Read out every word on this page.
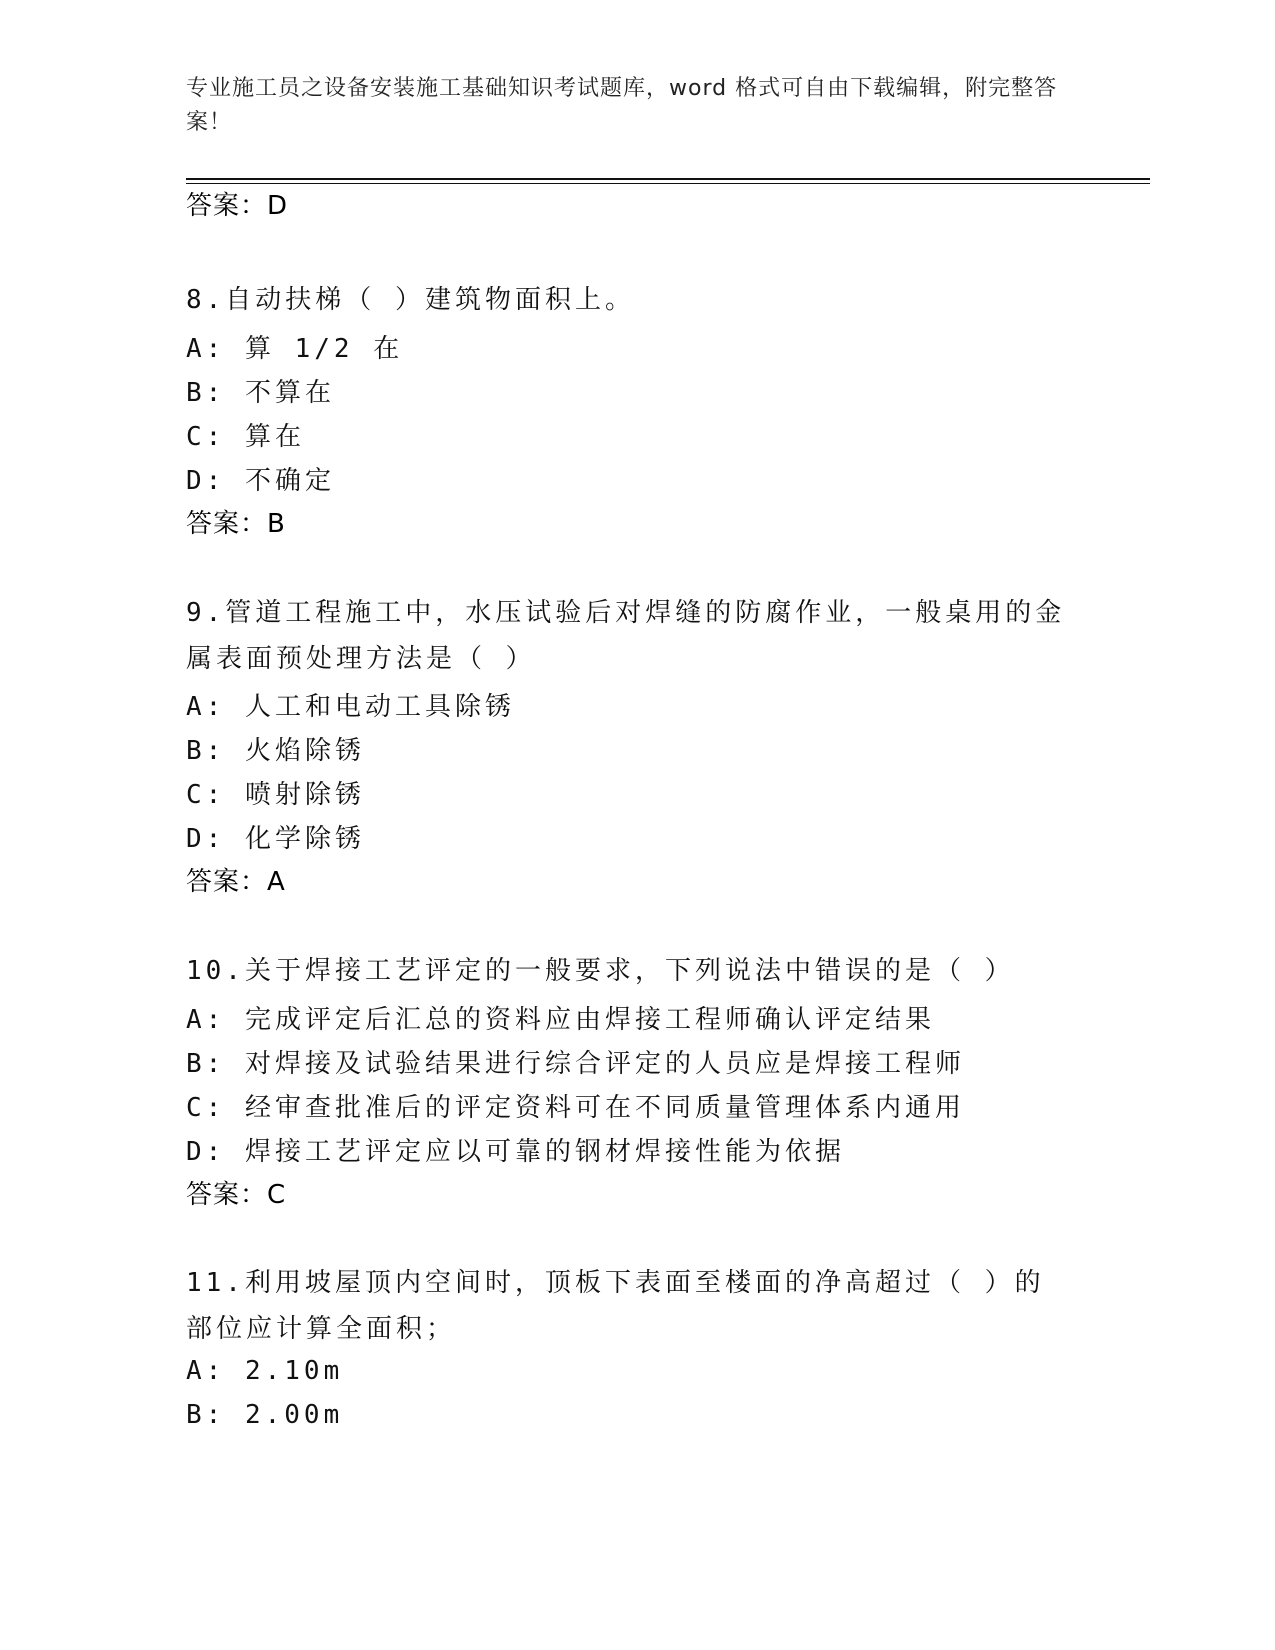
专业施工员之设备安装施工基础知识考试题库，word 格式可自由下载编辑，附完整答案！
答案：D
8.自动扶梯（ ）建筑物面积上。
A: 算 1/2 在
B: 不算在
C: 算在
D: 不确定
答案：B
9.管道工程施工中，水压试验后对焊缝的防腐作业，一般桌用的金属表面预处理方法是（ ）
A: 人工和电动工具除锈
B: 火焰除锈
C: 喷射除锈
D: 化学除锈
答案：A
10.关于焊接工艺评定的一般要求，下列说法中错误的是（ ）
A: 完成评定后汇总的资料应由焊接工程师确认评定结果
B: 对焊接及试验结果进行综合评定的人员应是焊接工程师
C: 经审查批准后的评定资料可在不同质量管理体系内通用
D: 焊接工艺评定应以可靠的钢材焊接性能为依据
答案：C
11.利用坡屋顶内空间时，顶板下表面至楼面的净高超过（ ）的部位应计算全面积；
A: 2.10m
B: 2.00m
